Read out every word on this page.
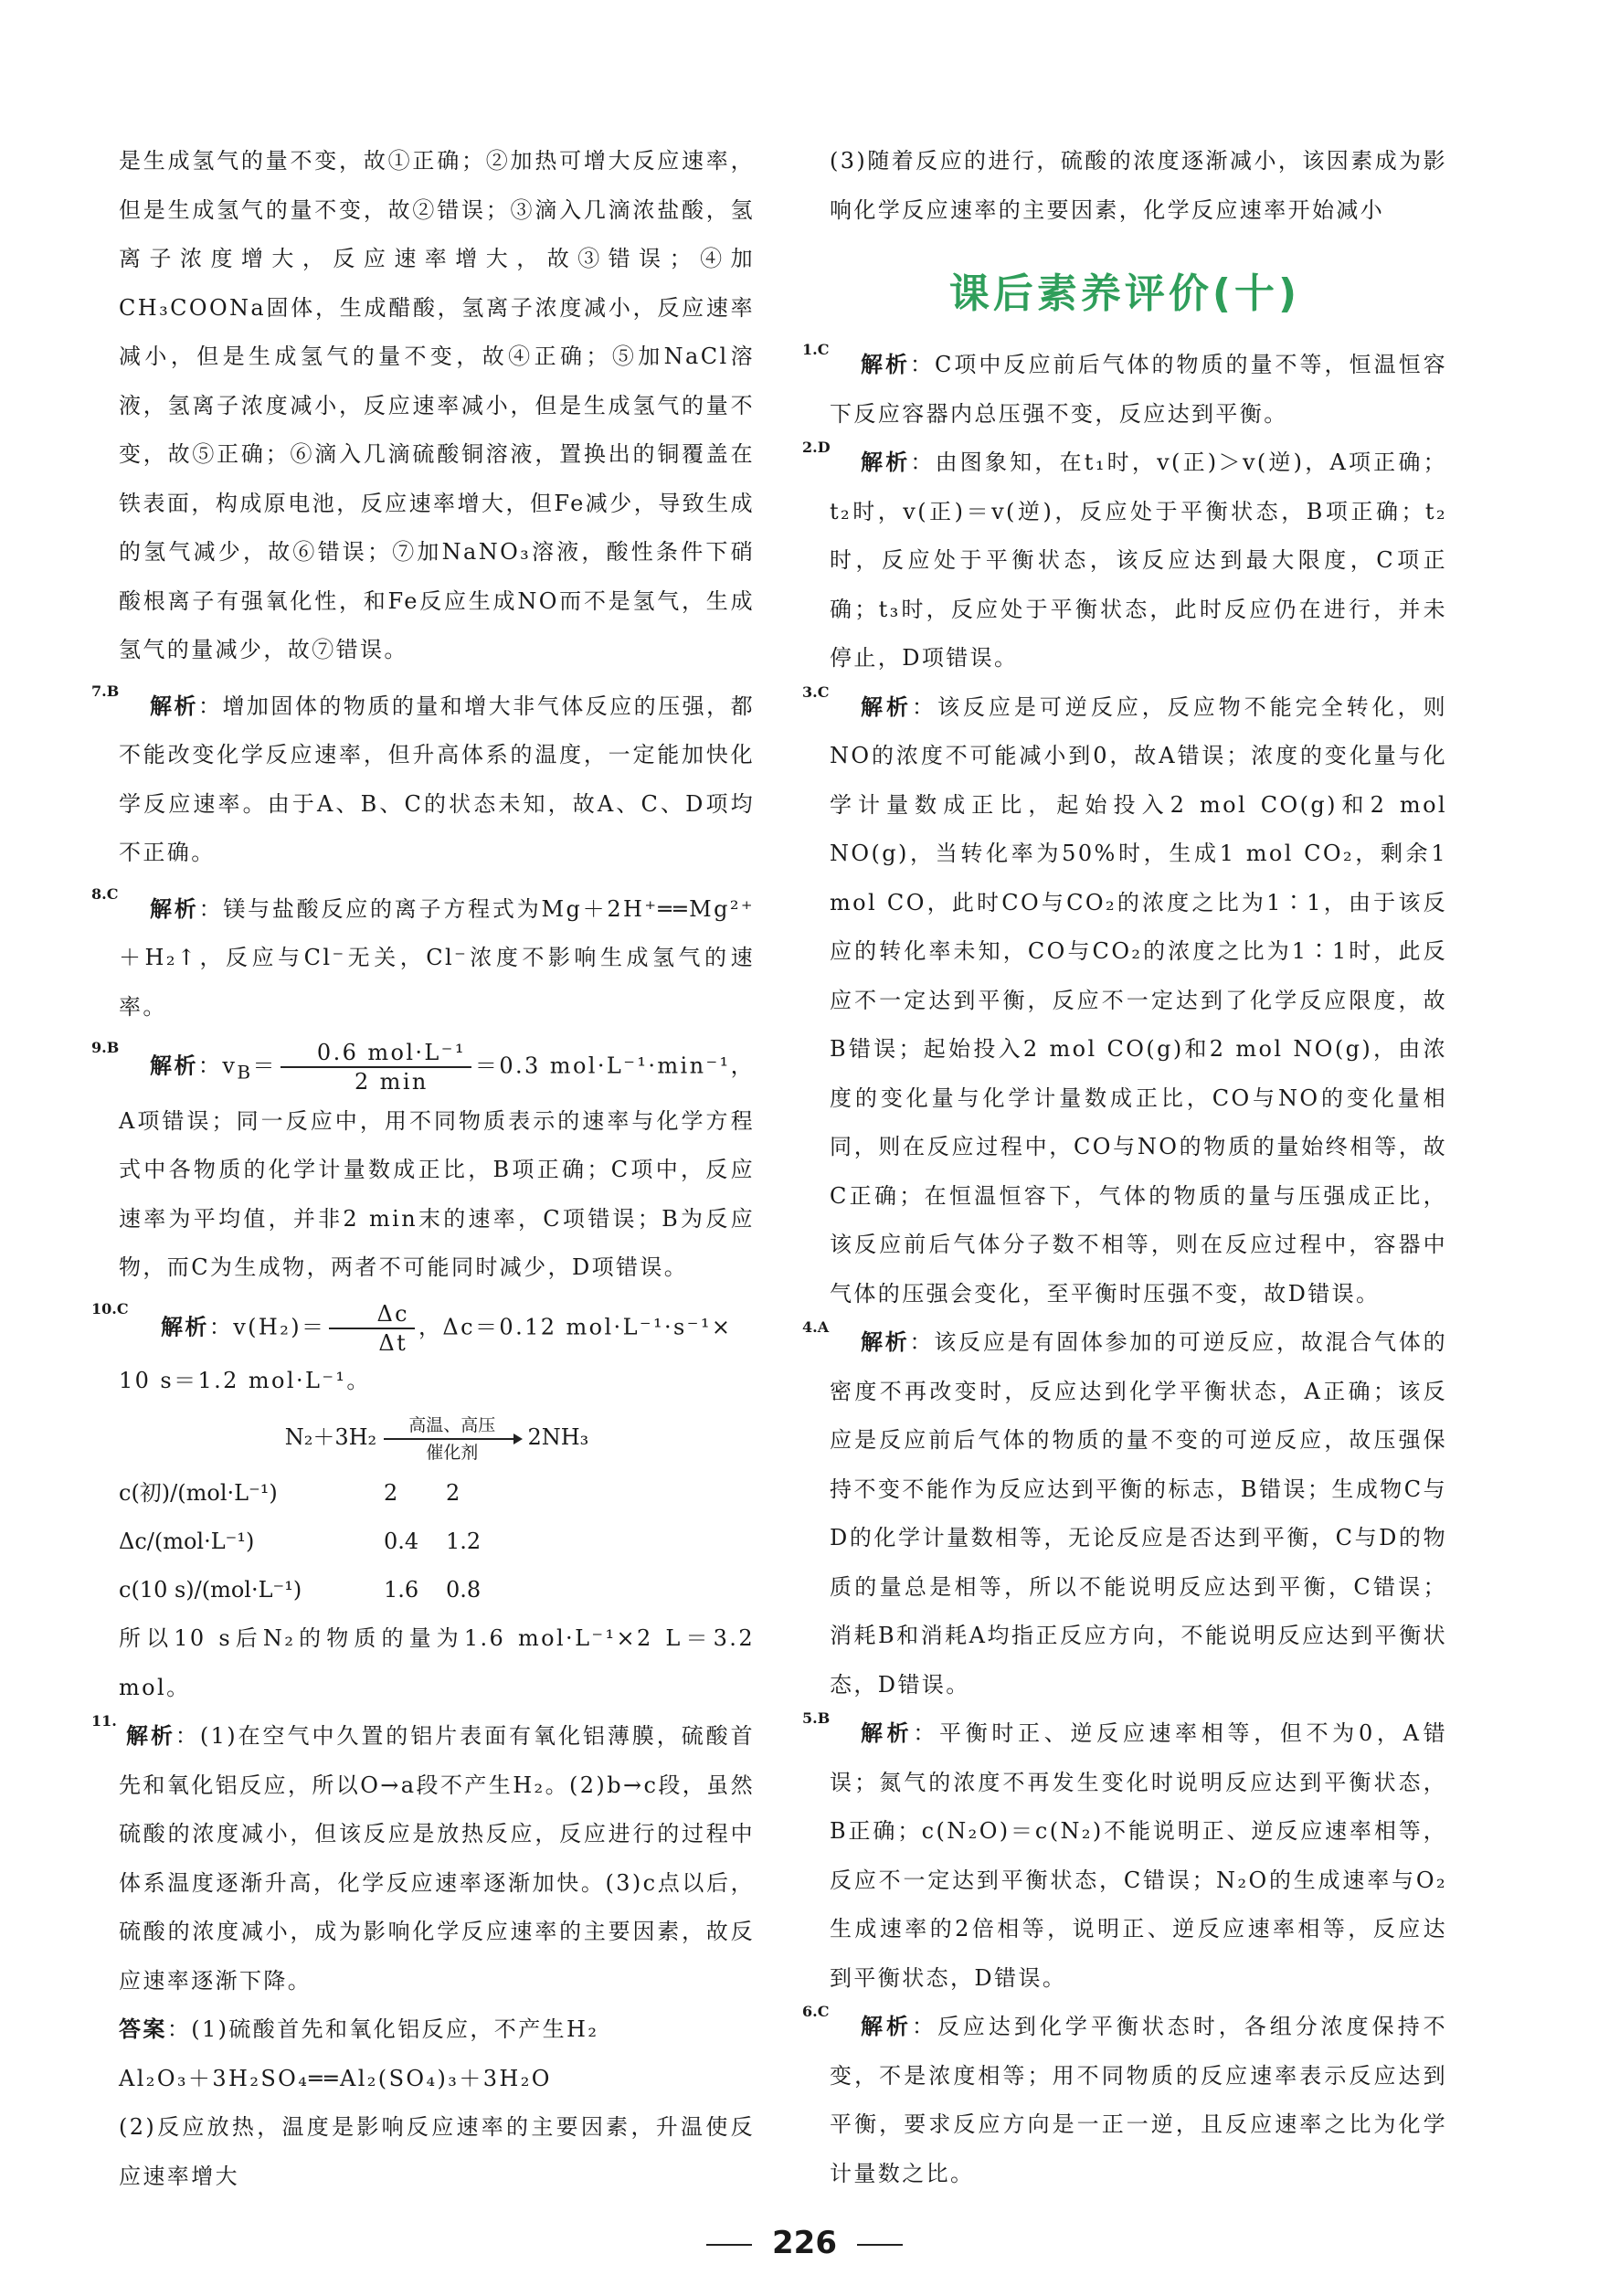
是生成氢气的量不变，故①正确；②加热可增大反应速率，但是生成氢气的量不变，故②错误；③滴入几滴浓盐酸，氢离子浓度增大，反应速率增大，故③错误；④加CH₃COONa固体，生成醋酸，氢离子浓度减小，反应速率减小，但是生成氢气的量不变，故④正确；⑤加NaCl溶液，氢离子浓度减小，反应速率减小，但是生成氢气的量不变，故⑤正确；⑥滴入几滴硫酸铜溶液，置换出的铜覆盖在铁表面，构成原电池，反应速率增大，但Fe减少，导致生成的氢气减少，故⑥错误；⑦加NaNO₃溶液，酸性条件下硝酸根离子有强氧化性，和Fe反应生成NO而不是氢气，生成氢气的量减少，故⑦错误。

7.B

解析：增加固体的物质的量和增大非气体反应的压强，都不能改变化学反应速率，但升高体系的温度，一定能加快化学反应速率。由于A、B、C的状态未知，故A、C、D项均不正确。

8.C

解析：镁与盐酸反应的离子方程式为Mg＋2H⁺══Mg²⁺＋H₂↑，反应与Cl⁻无关，Cl⁻浓度不影响生成氢气的速率。

9.B

解析：$v_B= \frac{\text{0.6 mol·L⁻¹}}{2 \min} =0.3$ mol·L⁻¹·min⁻¹，A项错误；同一反应中，用不同物质表示的速率与化学方程式中各物质的化学计量数成正比，B项正确；C项中，反应速率为平均值，并非2 min末的速率，C项错误；B为反应物，而C为生成物，两者不可能同时减少，D项错误。

10.C

解析：$v(H_2)= \frac{\Delta c}{\Delta t}$ ，Δc＝0.12 mol·L⁻¹·s⁻¹×

10 s＝1.2 mol·L⁻¹。

N₂＋3H₂	高温、高压
催化剂
2NH₃
c(初)/(mol·L⁻¹)	2	2
Δc/(mol·L⁻¹)	0.4	1.2
c(10 s)/(mol·L⁻¹)	1.6	0.8

所以10 s后N₂的物质的量为1.6 mol·L⁻¹×2 L＝3.2 mol。

11.

解析：(1)在空气中久置的铝片表面有氧化铝薄膜，硫酸首先和氧化铝反应，所以O→a段不产生H₂。(2)b→c段，虽然硫酸的浓度减小，但该反应是放热反应，反应进行的过程中体系温度逐渐升高，化学反应速率逐渐加快。(3)c点以后，硫酸的浓度减小，成为影响化学反应速率的主要因素，故反应速率逐渐下降。

答案：(1)硫酸首先和氧化铝反应，不产生H₂

Al₂O₃＋3H₂SO₄══Al₂(SO₄)₃＋3H₂O

(2)反应放热，温度是影响反应速率的主要因素，升温使反应速率增大

(3)随着反应的进行，硫酸的浓度逐渐减小，该因素成为影响化学反应速率的主要因素，化学反应速率开始减小

课后素养评价(十)
1.C

解析：C项中反应前后气体的物质的量不等，恒温恒容下反应容器内总压强不变，反应达到平衡。

2.D

解析：由图象知，在t₁时，v(正)＞v(逆)，A项正确；t₂时，v(正)＝v(逆)，反应处于平衡状态，B项正确；t₂时，反应处于平衡状态，该反应达到最大限度，C项正确；t₃时，反应处于平衡状态，此时反应仍在进行，并未停止，D项错误。

3.C

解析：该反应是可逆反应，反应物不能完全转化，则NO的浓度不可能减小到0，故A错误；浓度的变化量与化学计量数成正比，起始投入2 mol CO(g)和2 mol NO(g)，当转化率为50%时，生成1 mol CO₂，剩余1 mol CO，此时CO与CO₂的浓度之比为1∶1，由于该反应的转化率未知，CO与CO₂的浓度之比为1∶1时，此反应不一定达到平衡，反应不一定达到了化学反应限度，故B错误；起始投入2 mol CO(g)和2 mol NO(g)，由浓度的变化量与化学计量数成正比，CO与NO的变化量相同，则在反应过程中，CO与NO的物质的量始终相等，故C正确；在恒温恒容下，气体的物质的量与压强成正比，该反应前后气体分子数不相等，则在反应过程中，容器中气体的压强会变化，至平衡时压强不变，故D错误。

4.A

解析：该反应是有固体参加的可逆反应，故混合气体的密度不再改变时，反应达到化学平衡状态，A正确；该反应是反应前后气体的物质的量不变的可逆反应，故压强保持不变不能作为反应达到平衡的标志，B错误；生成物C与D的化学计量数相等，无论反应是否达到平衡，C与D的物质的量总是相等，所以不能说明反应达到平衡，C错误；消耗B和消耗A均指正反应方向，不能说明反应达到平衡状态，D错误。

5.B

解析：平衡时正、逆反应速率相等，但不为0，A错误；氮气的浓度不再发生变化时说明反应达到平衡状态，B正确；c(N₂O)＝c(N₂)不能说明正、逆反应速率相等，反应不一定达到平衡状态，C错误；N₂O的生成速率与O₂生成速率的2倍相等，说明正、逆反应速率相等，反应达到平衡状态，D错误。

6.C

解析：反应达到化学平衡状态时，各组分浓度保持不变，不是浓度相等；用不同物质的反应速率表示反应达到平衡，要求反应方向是一正一逆，且反应速率之比为化学计量数之比。

226
